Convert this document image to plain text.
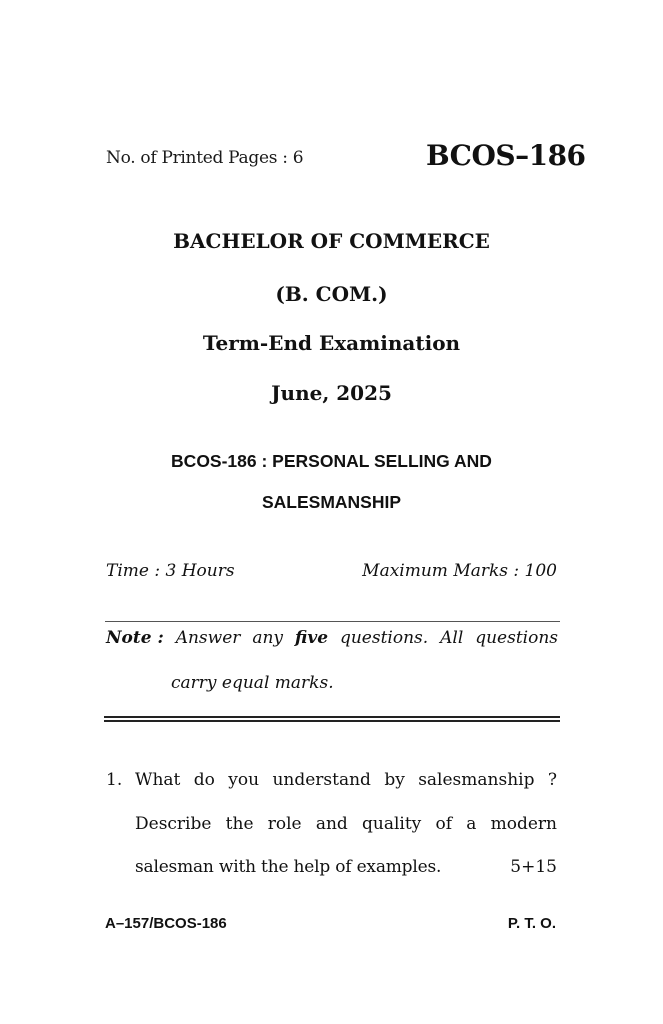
No. of Printed Pages : 6	BCOS–186
BACHELOR OF COMMERCE
(B. COM.)
Term-End Examination
June, 2025
BCOS-186 : PERSONAL SELLING AND
SALESMANSHIP
Time : 3 Hours	Maximum Marks : 100
Note : Answer any five questions. All questions
carry equal marks.
1. What do you understand by salesmanship ?
Describe the role and quality of a modern
salesman with the help of examples.	5+15
A–157/BCOS-186	P. T. O.
